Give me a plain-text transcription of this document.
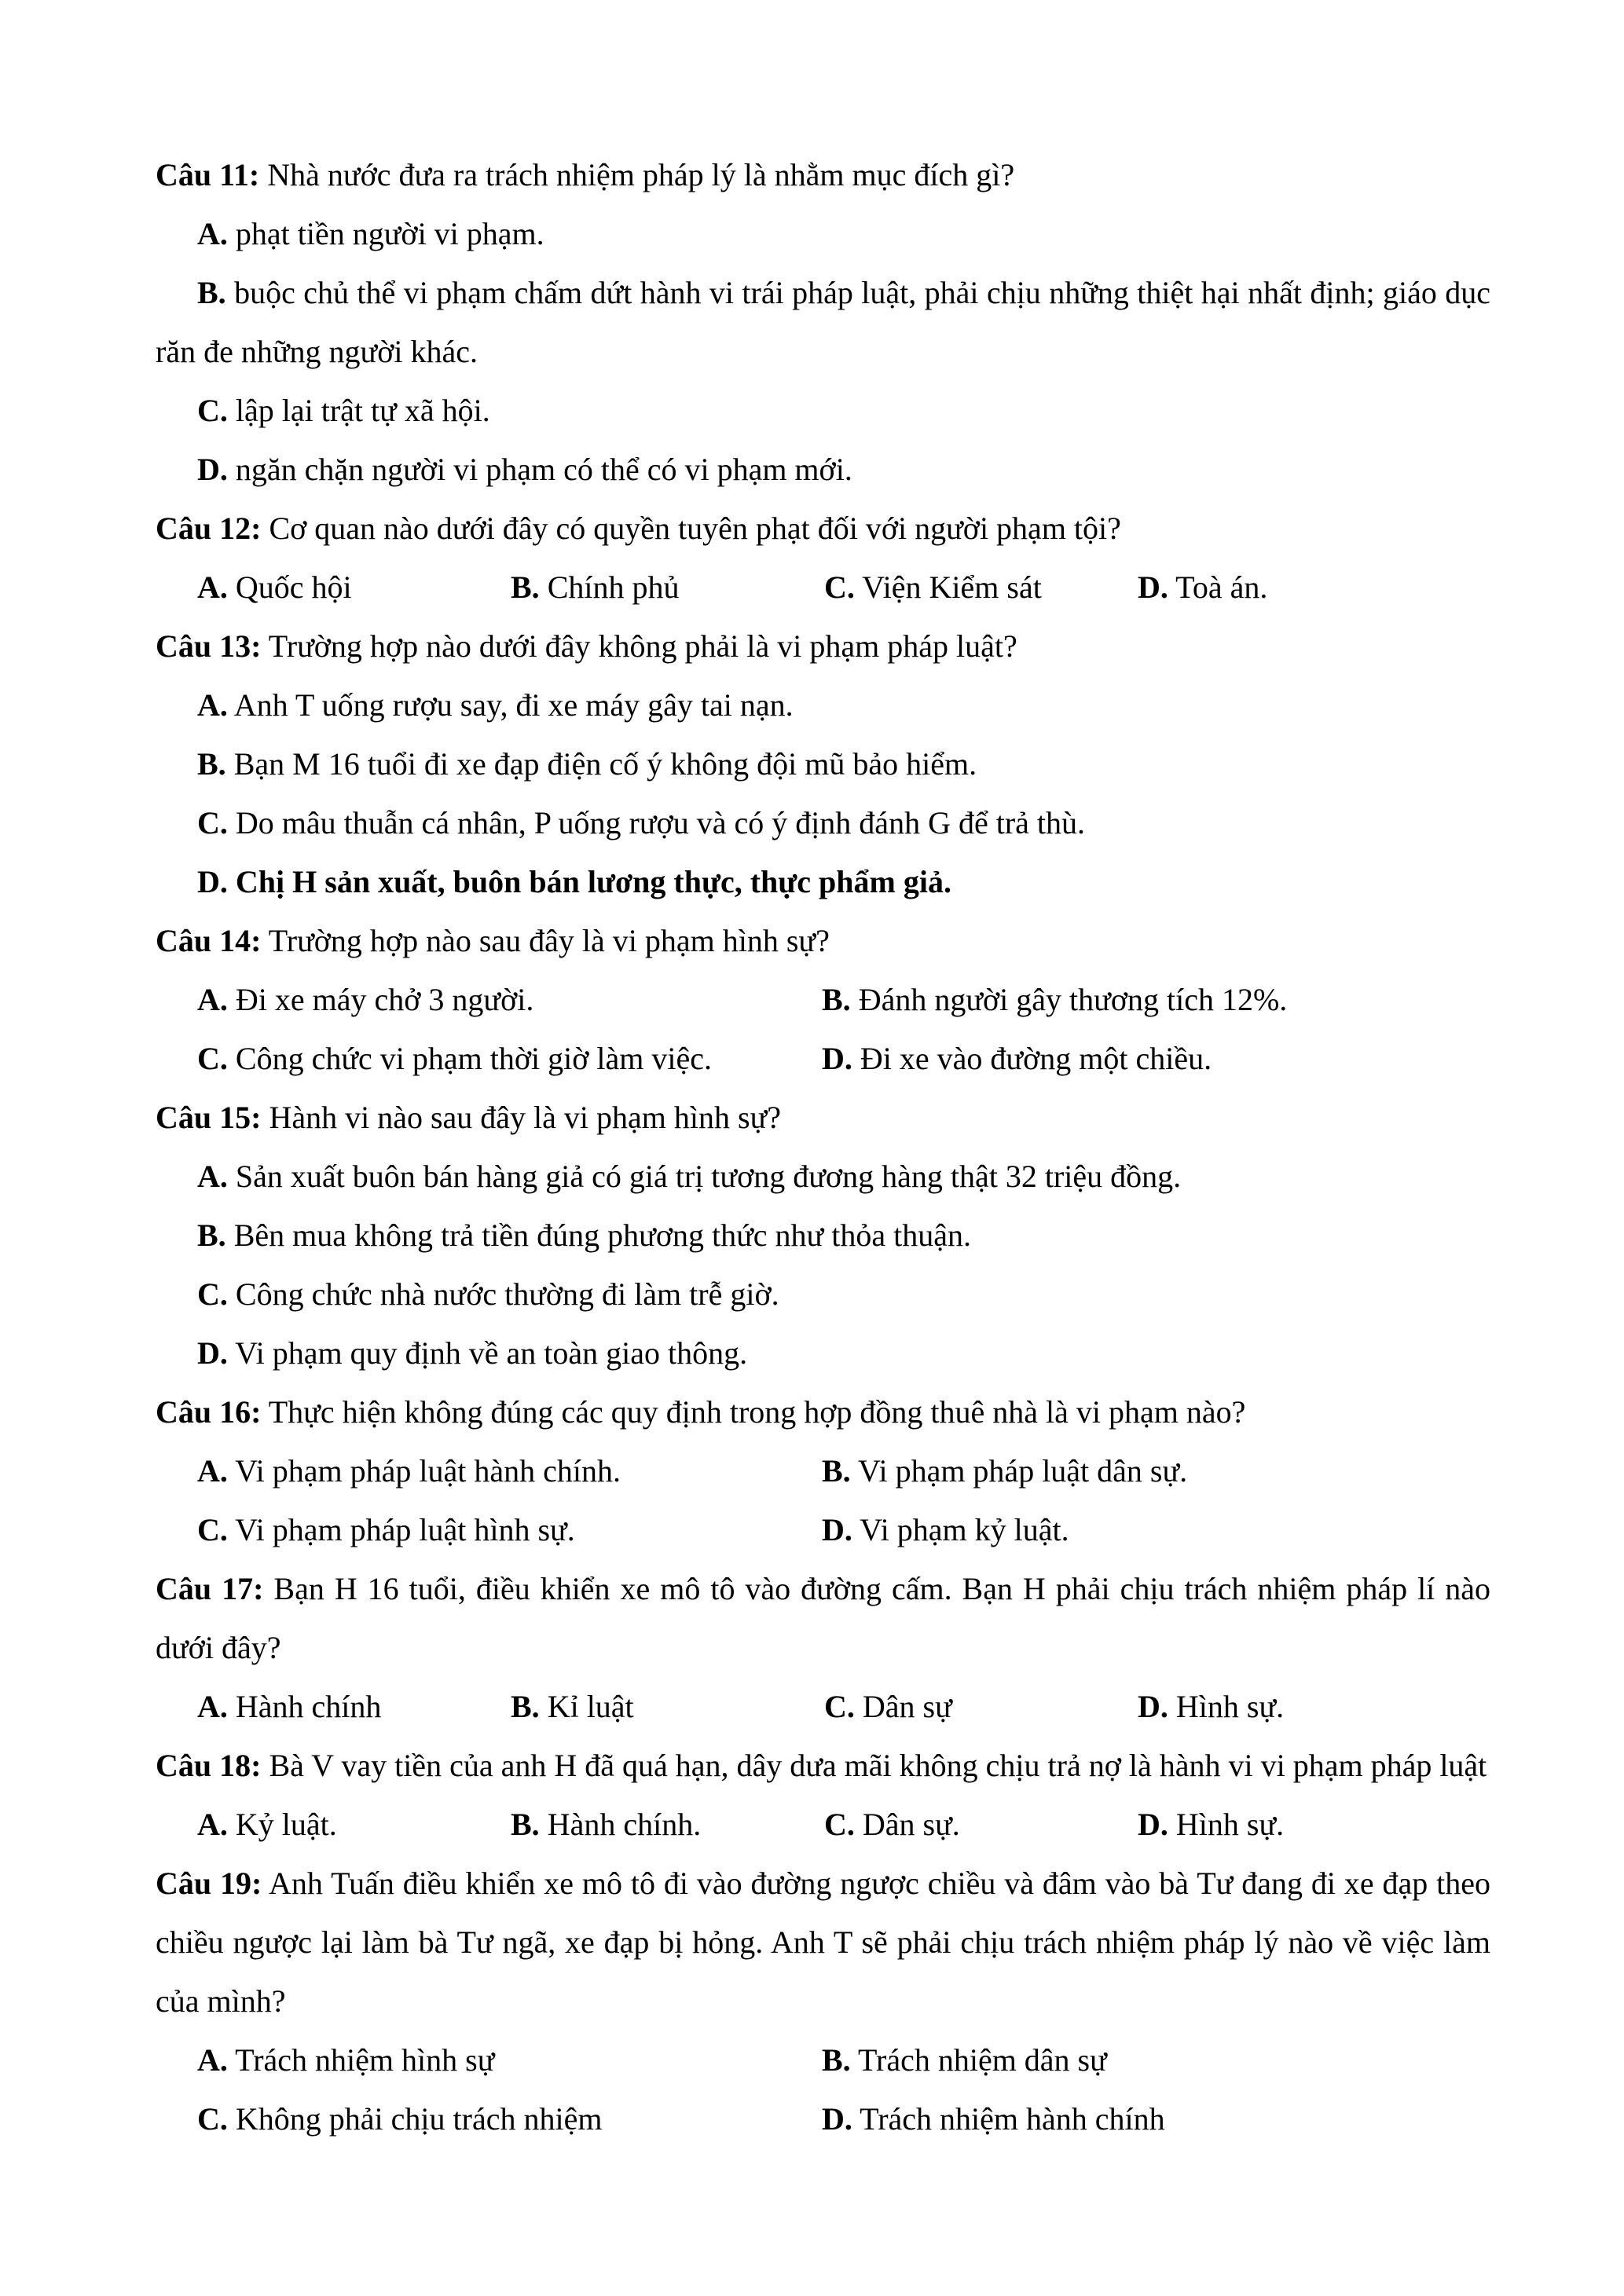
Câu 11: Nhà nước đưa ra trách nhiệm pháp lý là nhằm mục đích gì?

A. phạt tiền người vi phạm.

B. buộc chủ thể vi phạm chấm dứt hành vi trái pháp luật, phải chịu những thiệt hại nhất định; giáo dục răn đe những người khác.

C. lập lại trật tự xã hội.

D. ngăn chặn người vi phạm có thể có vi phạm mới.

Câu 12: Cơ quan nào dưới đây có quyền tuyên phạt đối với người phạm tội?

A. Quốc hội	B. Chính phủ	C. Viện Kiểm sát	D. Toà án.

Câu 13: Trường hợp nào dưới đây không phải là vi phạm pháp luật?

A. Anh T uống rượu say, đi xe máy gây tai nạn.

B. Bạn M 16 tuổi đi xe đạp điện cố ý không đội mũ bảo hiểm.

C. Do mâu thuẫn cá nhân, P uống rượu và có ý định đánh G để trả thù.

D. Chị H sản xuất, buôn bán lương thực, thực phẩm giả.

Câu 14: Trường hợp nào sau đây là vi phạm hình sự?

A. Đi xe máy chở 3 người.	B. Đánh người gây thương tích 12%.

C. Công chức vi phạm thời giờ làm việc.	D. Đi xe vào đường một chiều.

Câu 15: Hành vi nào sau đây là vi phạm hình sự?

A. Sản xuất buôn bán hàng giả có giá trị tương đương hàng thật 32 triệu đồng.

B. Bên mua không trả tiền đúng phương thức như thỏa thuận.

C. Công chức nhà nước thường đi làm trễ giờ.

D. Vi phạm quy định về an toàn giao thông.

Câu 16: Thực hiện không đúng các quy định trong hợp đồng thuê nhà là vi phạm nào?

A. Vi phạm pháp luật hành chính.	B. Vi phạm pháp luật dân sự.

C. Vi phạm pháp luật hình sự.	D. Vi phạm kỷ luật.

Câu 17: Bạn H 16 tuổi, điều khiển xe mô tô vào đường cấm. Bạn H phải chịu trách nhiệm pháp lí nào dưới đây?

A. Hành chính	B. Kỉ luật	C. Dân sự	D. Hình sự.

Câu 18: Bà V vay tiền của anh H đã quá hạn, dây dưa mãi không chịu trả nợ là hành vi vi phạm pháp luật

A. Kỷ luật.	B. Hành chính.	C. Dân sự.	D. Hình sự.

Câu 19: Anh Tuấn điều khiển xe mô tô đi vào đường ngược chiều và đâm vào bà Tư đang đi xe đạp theo chiều ngược lại làm bà Tư ngã, xe đạp bị hỏng. Anh T sẽ phải chịu trách nhiệm pháp lý nào về việc làm của mình?

A. Trách nhiệm hình sự	B. Trách nhiệm dân sự

C. Không phải chịu trách nhiệm	D. Trách nhiệm hành chính
